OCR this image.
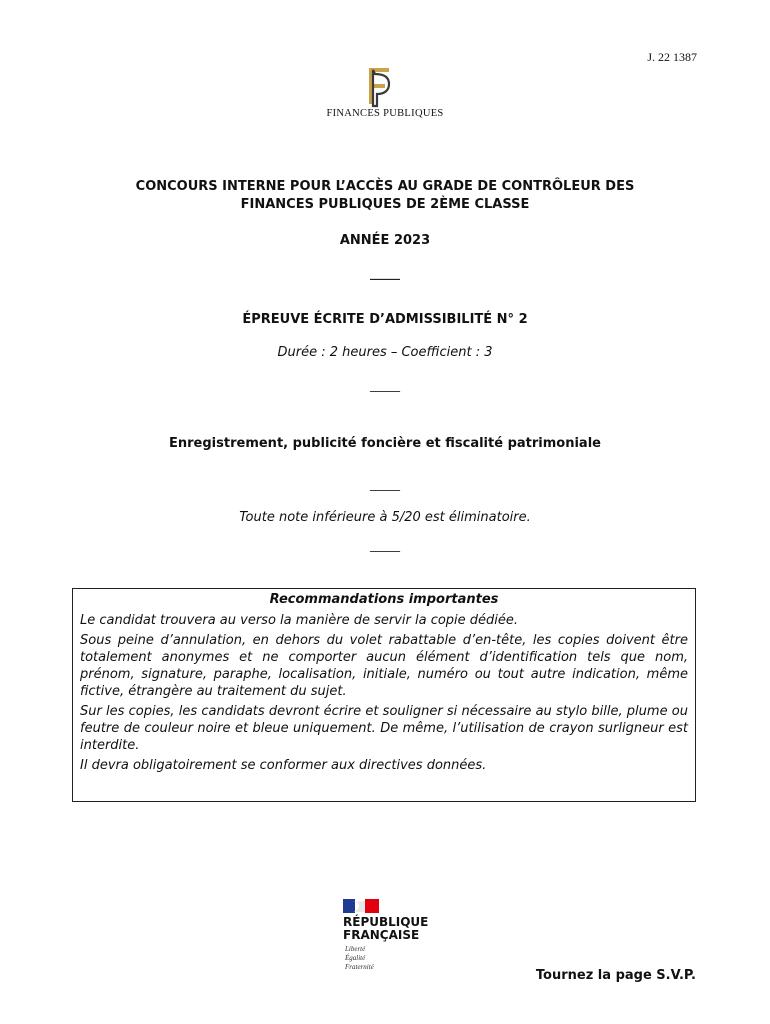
J. 22 1387
FINANCES PUBLIQUES
CONCOURS INTERNE POUR L’ACCÈS AU GRADE DE CONTRÔLEUR DES
FINANCES PUBLIQUES DE 2ÈME CLASSE
ANNÉE 2023
_____
ÉPREUVE ÉCRITE D’ADMISSIBILITÉ N° 2
Durée : 2 heures – Coefficient : 3
_____
Enregistrement, publicité foncière et fiscalité patrimoniale
_____
Toute note inférieure à 5/20 est éliminatoire.
_____
Recommandations importantes

Le candidat trouvera au verso la manière de servir la copie dédiée.

Sous peine d’annulation, en dehors du volet rabattable d’en-tête, les copies doivent être totalement anonymes et ne comporter aucun élément d’identification tels que nom, prénom, signature, paraphe, localisation, initiale, numéro ou tout autre indication, même fictive, étrangère au traitement du sujet.

Sur les copies, les candidats devront écrire et souligner si nécessaire au stylo bille, plume ou feutre de couleur noire et bleue uniquement. De même, l’utilisation de crayon surligneur est interdite.

Il devra obligatoirement se conformer aux directives données.

RÉPUBLIQUE
FRANÇAISE
Liberté
Égalité
Fraternité
Tournez la page S.V.P.
